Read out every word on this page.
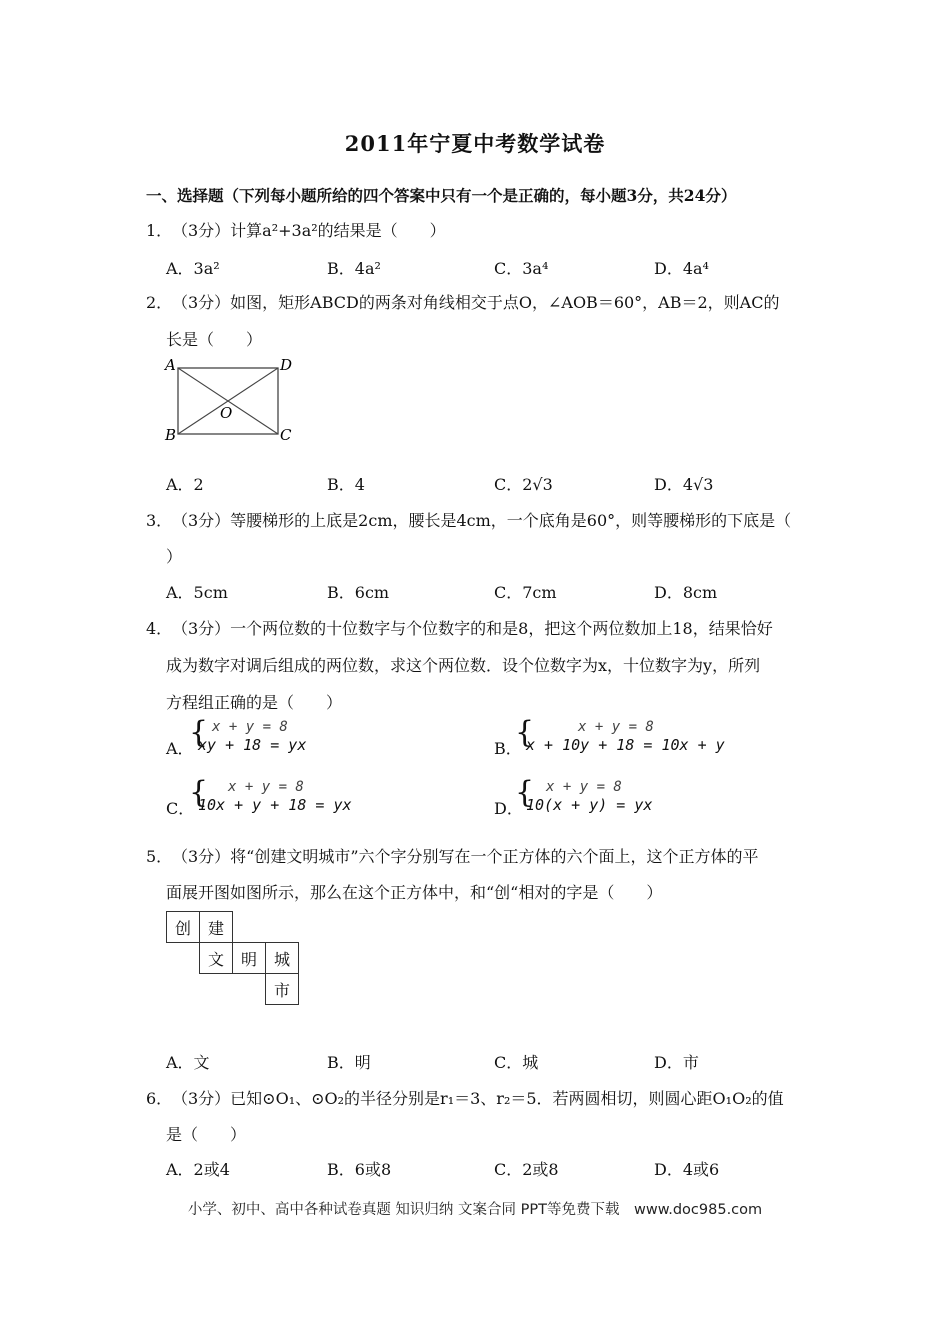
2011年宁夏中考数学试卷
一、选择题（下列每小题所给的四个答案中只有一个是正确的，每小题3分，共24分）
1． （3分）计算a²+3a²的结果是（　　）
A．3a²	B．4a²	C．3a⁴	D．4a⁴
2． （3分）如图，矩形ABCD的两条对角线相交于点O，∠AOB＝60°，AB＝2，则AC的
长是（　　）
A	D
O
B	C
A．2	B．4	C．2√3	D．4√3
3． （3分）等腰梯形的上底是2cm，腰长是4cm，一个底角是60°，则等腰梯形的下底是（
）
A．5cm	B．6cm	C．7cm	D．8cm
4． （3分）一个两位数的十位数字与个位数字的和是8，把这个两位数加上18，结果恰好
成为数字对调后组成的两位数，求这个两位数．设个位数字为x，十位数字为y，所列
方程组正确的是（　　）
A．
{ x + y = 8
xy + 18 = yx	B．
{	x + y = 8
x + 10y + 18 = 10x + y
C．
{ x + y = 8
10x + y + 18 = yx	D．
{ x + y = 8
10(x + y) = yx
5． （3分）将“创建文明城市”六个字分别写在一个正方体的六个面上，这个正方体的平
面展开图如图所示，那么在这个正方体中，和“创“相对的字是（　　）
创	建		
	文	明	城
			市
A．文	B．明	C．城	D．市
6． （3分）已知⊙O₁、⊙O₂的半径分别是r₁＝3、r₂＝5．若两圆相切，则圆心距O₁O₂的值
是（　　）
A．2或4	B．6或8	C．2或8	D．4或6
小学、初中、高中各种试卷真题 知识归纳 文案合同 PPT等免费下载　www.doc985.com
